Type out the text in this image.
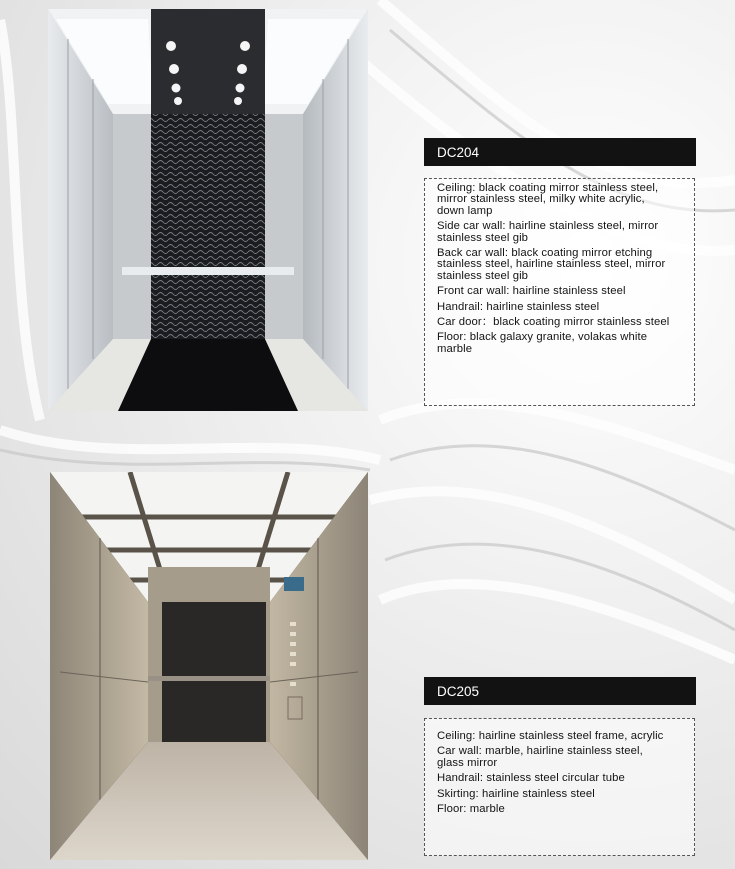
DC204
Ceiling: black coating mirror stainless steel, mirror stainless steel, milky white acrylic, down lamp
Side car wall: hairline stainless steel, mirror stainless steel gib
Back car wall: black coating mirror etching stainless steel, hairline stainless steel, mirror stainless steel gib
Front car wall: hairline stainless steel
Handrail: hairline stainless steel
Car door：black coating mirror stainless steel
Floor: black galaxy granite, volakas white marble
DC205
Ceiling: hairline stainless steel frame, acrylic
Car wall: marble, hairline stainless steel, glass mirror
Handrail: stainless steel circular tube
Skirting: hairline stainless steel
Floor: marble
